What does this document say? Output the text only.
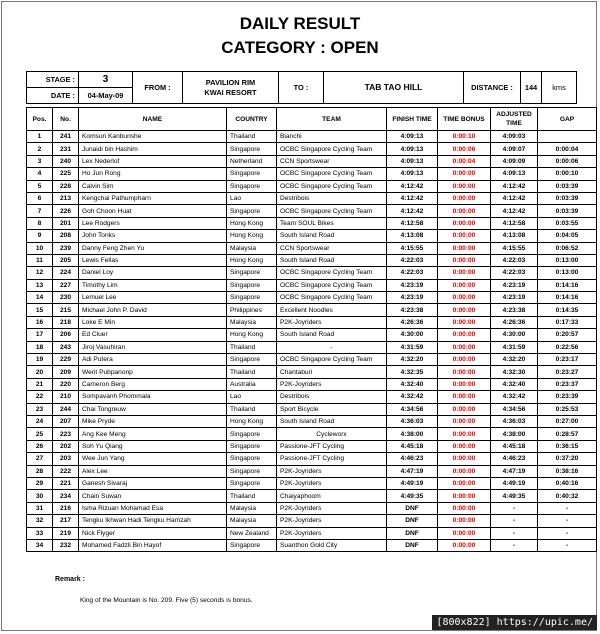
DAILY RESULT
CATEGORY : OPEN
STAGE :	3	FROM :	PAVILION RIM
KWAI RESORT	TO :	TAB TAO HILL	DISTANCE :	144	kms
DATE :	04-May-09							
Pos.	No.	NAME	COUNTRY	TEAM	FINISH TIME	TIME BONUS	ADJUSTED TIME	GAP
1	241	Komsun Kanbunshe	Thailand	Bianchi	4:09:13	0:00:10	4:09:03	
2	231	Junaidi bin Hashim	Singapore	OCBC Singapore Cycling Team	4:09:13	0:00:06	4:09:07	0:00:04
3	240	Lex Nederlof	Netherland	CCN Sportswear	4:09:13	0:00:04	4:09:09	0:00:06
4	225	Ho Jun Rong	Singapore	OCBC Singapore Cycling Team	4:09:13	0:00:00	4:09:13	0:00:10
5	228	Calvin Sim	Singapore	OCBC Singapore Cycling Team	4:12:42	0:00:00	4:12:42	0:03:39
6	213	Kengchai Pathumpharn	Lao	Destribois	4:12:42	0:00:00	4:12:42	0:03:39
7	226	Goh Choon Huat	Singapore	OCBC Singapore Cycling Team	4:12:42	0:00:00	4:12:42	0:03:39
8	201	Lee Rodgers	Hong Kong	Team SOUL Bikes	4:12:58	0:00:00	4:12:58	0:03:55
9	208	John Tonks	Hong Kong	South Island Road	4:13:08	0:00:00	4:13:08	0:04:05
10	239	Danny Feng Zhen Yu	Malaysia	CCN Sportswear	4:15:55	0:00:00	4:15:55	0:06:52
11	205	Lewis Fellas	Hong Kong	South Island Road	4:22:03	0:00:00	4:22:03	0:13:00
12	224	Daniel Loy	Singapore	OCBC Singapore Cycling Team	4:22:03	0:00:00	4:22:03	0:13:00
13	227	Timothy Lim	Singapore	OCBC Singapore Cycling Team	4:23:19	0:00:00	4:23:19	0:14:16
14	230	Lemuel Lee	Singapore	OCBC Singapore Cycling Team	4:23:19	0:00:00	4:23:19	0:14:16
15	215	Michael John P. David	Philippines	Excellent Noodles	4:23:38	0:00:00	4:23:38	0:14:35
16	218	Loke E Min	Malaysia	P2K-Joyriders	4:26:36	0:00:00	4:26:36	0:17:33
17	206	Ed Cluer	Hong Kong	South Island Road	4:30:00	0:00:00	4:30:00	0:20:57
18	243	Jiroj Vasuhiran	Thailand	-	4:31:59	0:00:00	4:31:59	0:22:56
19	229	Adi Putera	Singapore	OCBC Singapore Cycling Team	4:32:20	0:00:00	4:32:20	0:23:17
20	209	Werit Pubpanonp	Thailand	Chantaburi	4:32:35	0:00:00	4:32:30	0:23:27
21	220	Cameron Berg	Australia	P2K-Joyriders	4:32:40	0:00:00	4:32:40	0:23:37
22	210	Sompavanh Phommala	Lao	Destribois	4:32:42	0:00:00	4:32:42	0:23:39
23	244	Chai Tongreuw	Thailand	Sport Bicycle	4:34:56	0:00:00	4:34:56	0:25:53
24	207	Mike Pryde	Hong Kong	South Island Road	4:36:03	0:00:00	4:36:03	0:27:00
25	223	Ang Kee Meng	Singapore	Cycleworx	4:38:00	0:00:00	4:38:00	0:28:57
26	202	Soh Yu Qiang	Singapore	Passione-JFT Cycling	4:45:18	0:00:00	4:45:18	0:36:15
27	203	Wee Jun Yang	Singapore	Passione-JFT Cycling	4:46:23	0:00:00	4:46:23	0:37:20
28	222	Alex Lee	Singapore	P2K-Joyriders	4:47:19	0:00:00	4:47:19	0:38:16
29	221	Ganesh Sivaraj	Singapore	P2K-Joyriders	4:49:19	0:00:00	4:49:19	0:40:16
30	234	Chain Suwan	Thailand	Chaiyaphoom	4:49:35	0:00:00	4:49:35	0:40:32
31	216	Isma Rizuan Mohamad Esa	Malaysia	P2K-Joyriders	DNF	0:00:00	-	-
32	217	Tengku Ikhwan Hadi Tengku Hamzah	Malaysia	P2K-Joyriders	DNF	0:00:00	-	-
33	219	Nick Flyger	New Zealand	P2K-Joyriders	DNF	0:00:00	-	-
34	232	Mohamed Fadzli Bin Hayof	Singapore	Suanthon Gold City	DNF	0:00:00	-	-
Remark :
King of the Mountain is No. 209. Five (5) seconds is bonus.
[800x822] https://upic.me/
